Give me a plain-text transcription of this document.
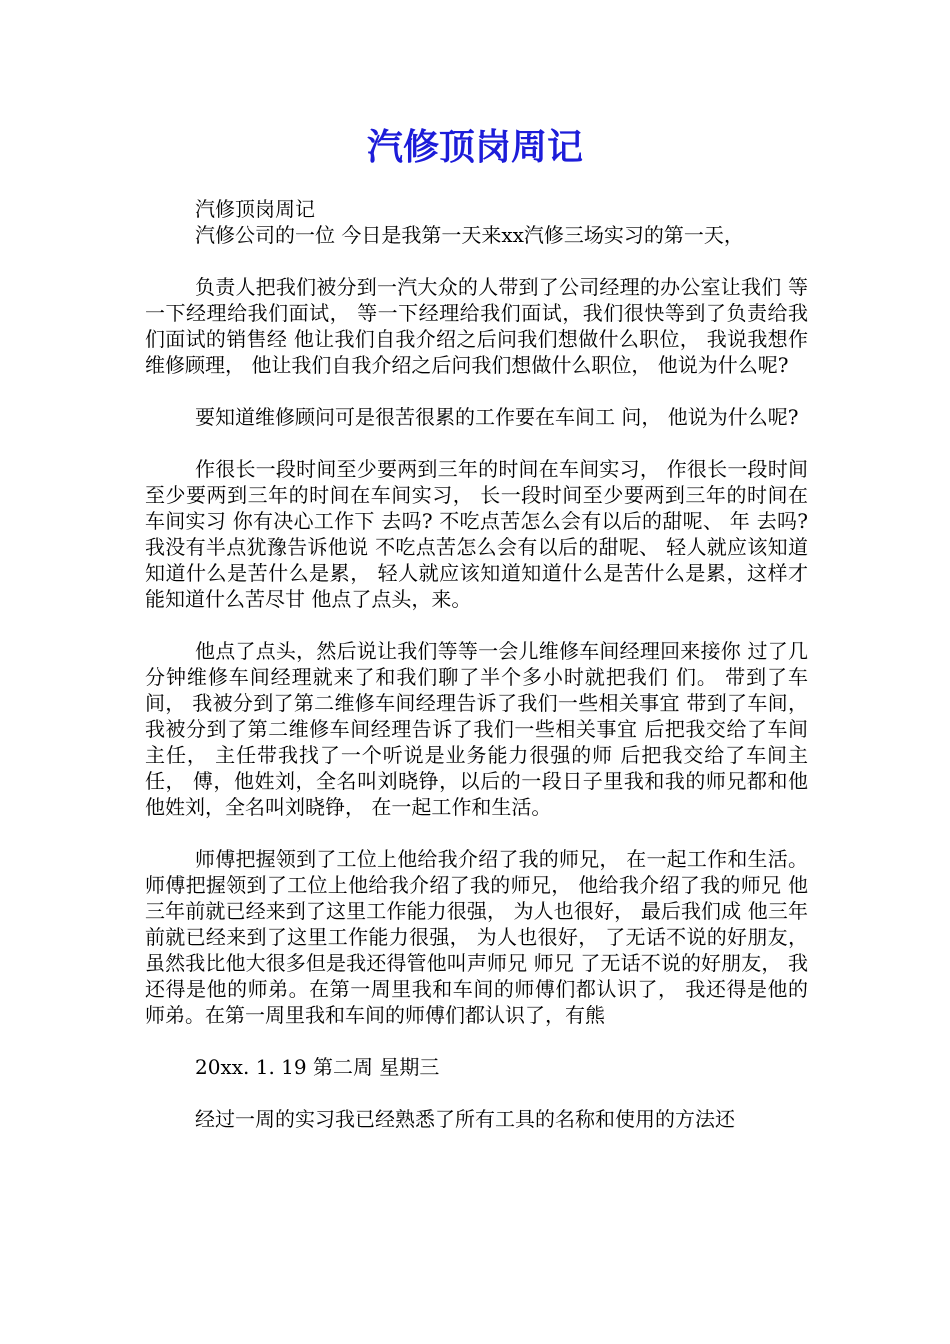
汽修顶岗周记

汽修顶岗周记

汽修公司的一位 今日是我第一天来xx汽修三场实习的第一天，

负责人把我们被分到一汽大众的人带到了公司经理的办公室让我们 等一下经理给我们面试， 等一下经理给我们面试，我们很快等到了负责给我们面试的销售经 他让我们自我介绍之后问我们想做什么职位， 我说我想作维修顾理， 他让我们自我介绍之后问我们想做什么职位， 他说为什么呢?

要知道维修顾问可是很苦很累的工作要在车间工 问， 他说为什么呢?

作很长一段时间至少要两到三年的时间在车间实习， 作很长一段时间至少要两到三年的时间在车间实习， 长一段时间至少要两到三年的时间在车间实习 你有决心工作下 去吗? 不吃点苦怎么会有以后的甜呢、 年 去吗?我没有半点犹豫告诉他说 不吃点苦怎么会有以后的甜呢、 轻人就应该知道知道什么是苦什么是累， 轻人就应该知道知道什么是苦什么是累，这样才能知道什么苦尽甘 他点了点头，来。

他点了点头，然后说让我们等等一会儿维修车间经理回来接你 过了几分钟维修车间经理就来了和我们聊了半个多小时就把我们 们。 带到了车间， 我被分到了第二维修车间经理告诉了我们一些相关事宜 带到了车间， 我被分到了第二维修车间经理告诉了我们一些相关事宜 后把我交给了车间主任， 主任带我找了一个听说是业务能力很强的师 后把我交给了车间主任， 傅，他姓刘，全名叫刘晓铮，以后的一段日子里我和我的师兄都和他 他姓刘，全名叫刘晓铮， 在一起工作和生活。

师傅把握领到了工位上他给我介绍了我的师兄， 在一起工作和生活。师傅把握领到了工位上他给我介绍了我的师兄， 他给我介绍了我的师兄 他三年前就已经来到了这里工作能力很强， 为人也很好， 最后我们成 他三年前就已经来到了这里工作能力很强， 为人也很好， 了无话不说的好朋友， 虽然我比他大很多但是我还得管他叫声师兄 师兄 了无话不说的好朋友， 我还得是他的师弟。在第一周里我和车间的师傅们都认识了， 我还得是他的师弟。在第一周里我和车间的师傅们都认识了，有熊

20xx. 1. 19 第二周 星期三

经过一周的实习我已经熟悉了所有工具的名称和使用的方法还
